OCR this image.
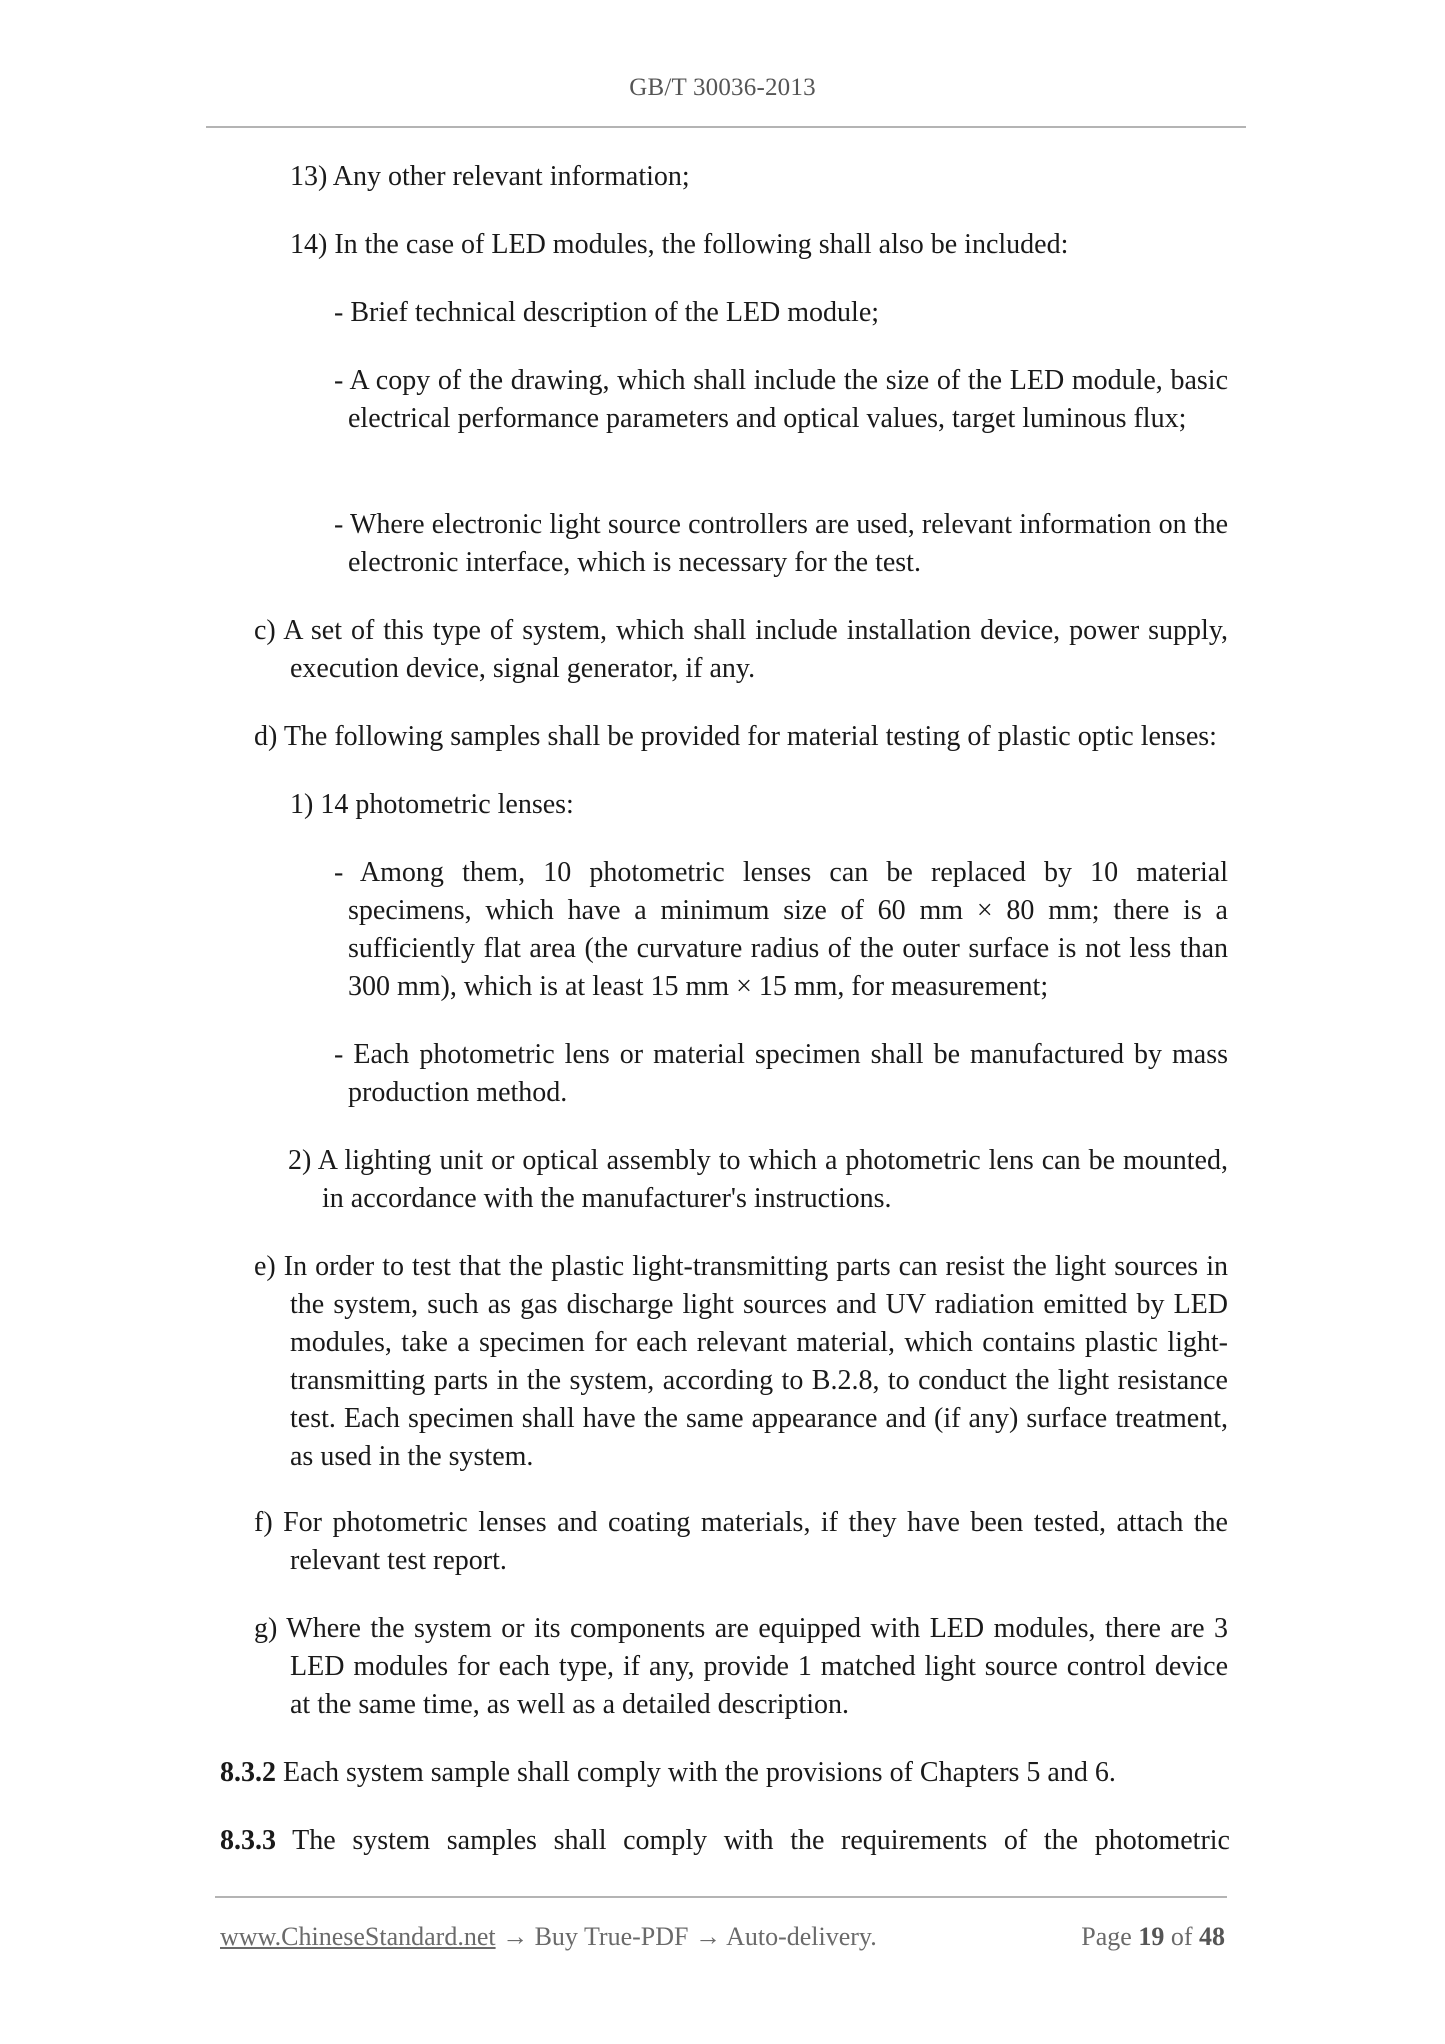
GB/T 30036-2013

13) Any other relevant information;

14) In the case of LED modules, the following shall also be included:

- Brief technical description of the LED module;

- A copy of the drawing, which shall include the size of the LED module, basic electrical performance parameters and optical values, target luminous flux;

- Where electronic light source controllers are used, relevant information on the electronic interface, which is necessary for the test.

c) A set of this type of system, which shall include installation device, power supply, execution device, signal generator, if any.

d) The following samples shall be provided for material testing of plastic optic lenses:

1) 14 photometric lenses:

- Among them, 10 photometric lenses can be replaced by 10 material specimens, which have a minimum size of 60 mm × 80 mm; there is a sufficiently flat area (the curvature radius of the outer surface is not less than 300 mm), which is at least 15 mm × 15 mm, for measurement;

- Each photometric lens or material specimen shall be manufactured by mass production method.

2) A lighting unit or optical assembly to which a photometric lens can be mounted, in accordance with the manufacturer's instructions.

e) In order to test that the plastic light-transmitting parts can resist the light sources in the system, such as gas discharge light sources and UV radiation emitted by LED modules, take a specimen for each relevant material, which contains plastic light-transmitting parts in the system, according to B.2.8, to conduct the light resistance test. Each specimen shall have the same appearance and (if any) surface treatment, as used in the system.

f) For photometric lenses and coating materials, if they have been tested, attach the relevant test report.

g) Where the system or its components are equipped with LED modules, there are 3 LED modules for each type, if any, provide 1 matched light source control device at the same time, as well as a detailed description.

8.3.2 Each system sample shall comply with the provisions of Chapters 5 and 6.

8.3.3 The system samples shall comply with the requirements of the photometric

www.ChineseStandard.net → Buy True-PDF → Auto-delivery.	Page 19 of 48
